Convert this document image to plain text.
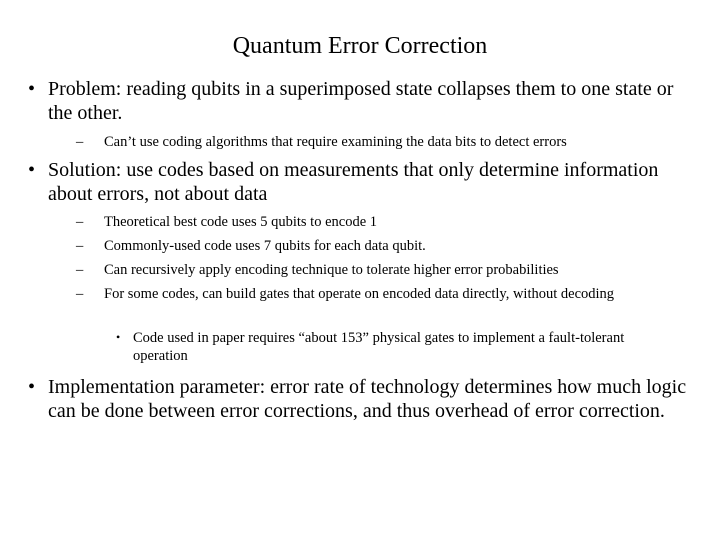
Quantum Error Correction
• Problem: reading qubits in a superimposed state collapses them to one state or the other.
– Can’t use coding algorithms that require examining the data bits to detect errors
• Solution: use codes based on measurements that only determine information about errors, not about data
– Theoretical best code uses 5 qubits to encode 1
– Commonly-used code uses 7 qubits for each data qubit.
– Can recursively apply encoding technique to tolerate higher error probabilities
– For some codes, can build gates that operate on encoded data directly, without decoding
• Code used in paper requires “about 153” physical gates to implement a fault-tolerant operation
• Implementation parameter: error rate of technology determines how much logic can be done between error corrections, and thus overhead of error correction.
